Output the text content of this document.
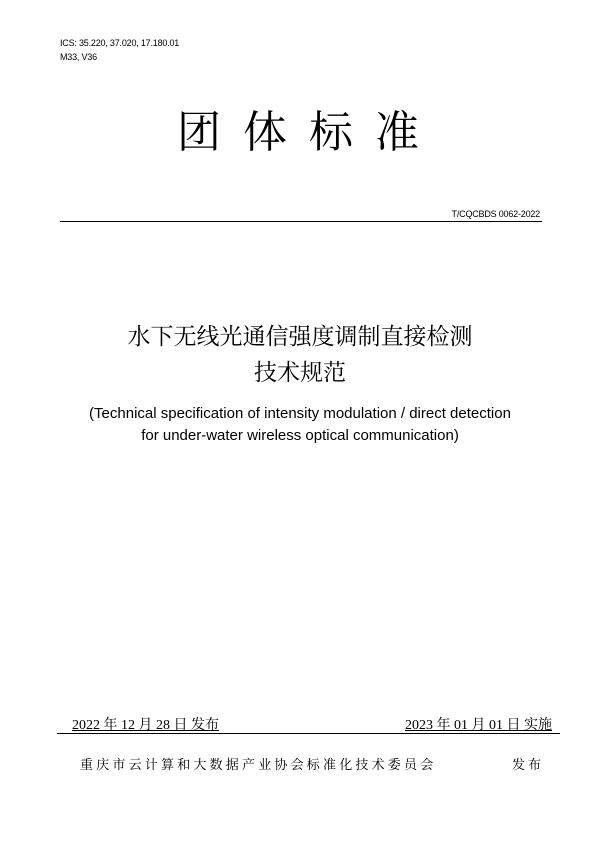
ICS: 35.220, 37.020, 17.180.01
M33, V36
团体标准
T/CQCBDS 0062-2022
水下无线光通信强度调制直接检测
技术规范
(Technical specification of intensity modulation / direct detection
for under-water wireless optical communication)
2022 年 12 月 28 日 发布	2023 年 01 月 01 日 实施
重庆市云计算和大数据产业协会标准化技术委员会	发布
